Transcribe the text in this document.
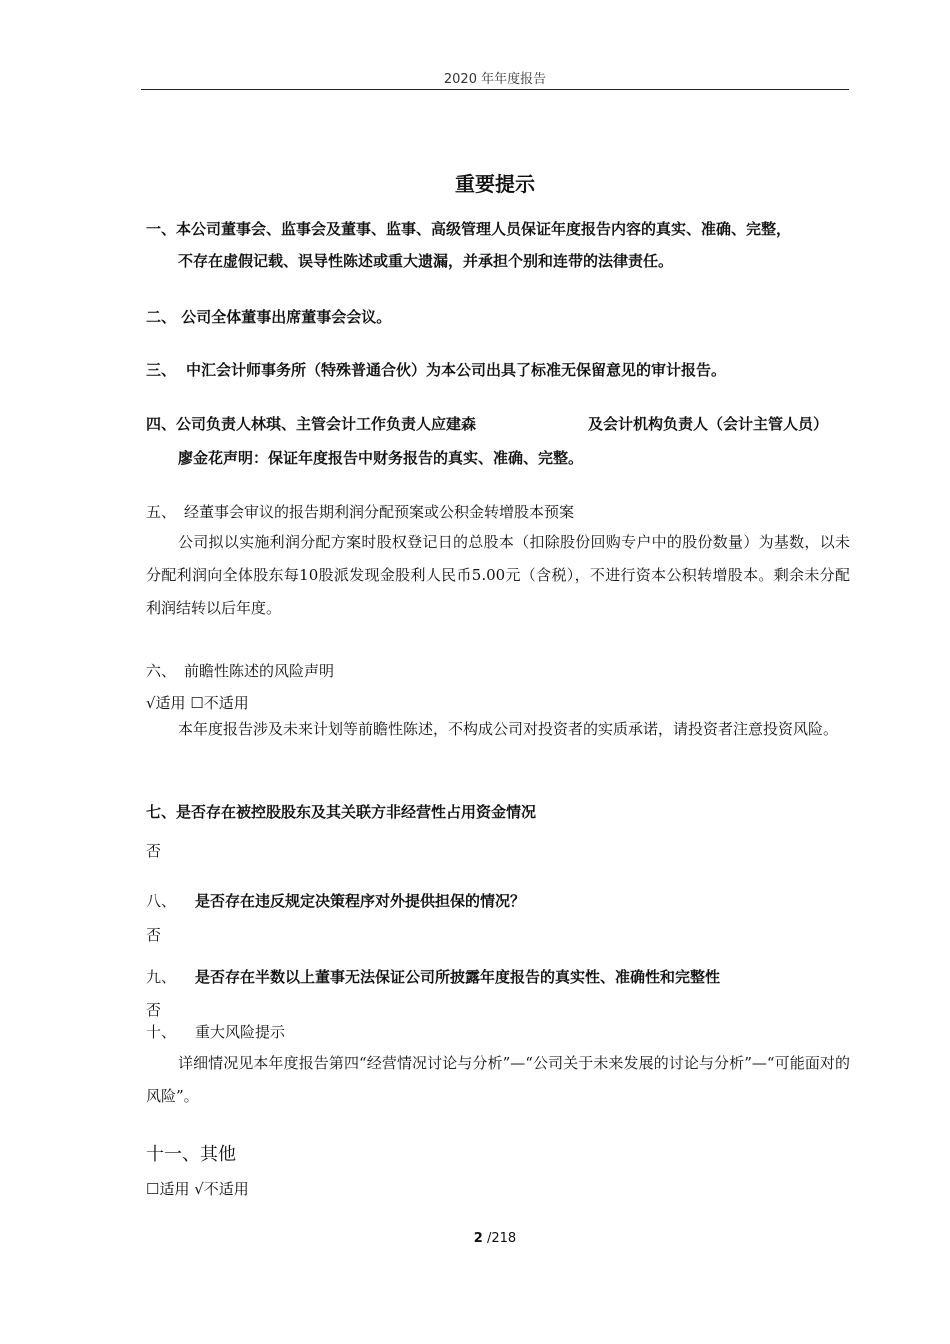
2020 年年度报告
重要提示
一、本公司董事会、监事会及董事、监事、高级管理人员保证年度报告内容的真实、准确、完整，
不存在虚假记载、误导性陈述或重大遗漏，并承担个别和连带的法律责任。
二、 公司全体董事出席董事会会议。
三、 中汇会计师事务所（特殊普通合伙）为本公司出具了标准无保留意见的审计报告。
四、公司负责人林琪、主管会计工作负责人应建森	及会计机构负责人（会计主管人员）
廖金花声明：保证年度报告中财务报告的真实、准确、完整。
五、 经董事会审议的报告期利润分配预案或公积金转增股本预案
公司拟以实施利润分配方案时股权登记日的总股本（扣除股份回购专户中的股份数量）为基数，以未分配利润向全体股东每10股派发现金股利人民币5.00元（含税），不进行资本公积转增股本。剩余未分配利润结转以后年度。
六、 前瞻性陈述的风险声明
√适用 ☐不适用
本年度报告涉及未来计划等前瞻性陈述，不构成公司对投资者的实质承诺，请投资者注意投资风险。
七、是否存在被控股股东及其关联方非经营性占用资金情况
否
八、 是否存在违反规定决策程序对外提供担保的情况？
否
九、 是否存在半数以上董事无法保证公司所披露年度报告的真实性、准确性和完整性
否
十、 重大风险提示
详细情况见本年度报告第四“经营情况讨论与分析”—“公司关于未来发展的讨论与分析”—“可能面对的风险”。
十一、其他
☐适用 √不适用
2 /218
